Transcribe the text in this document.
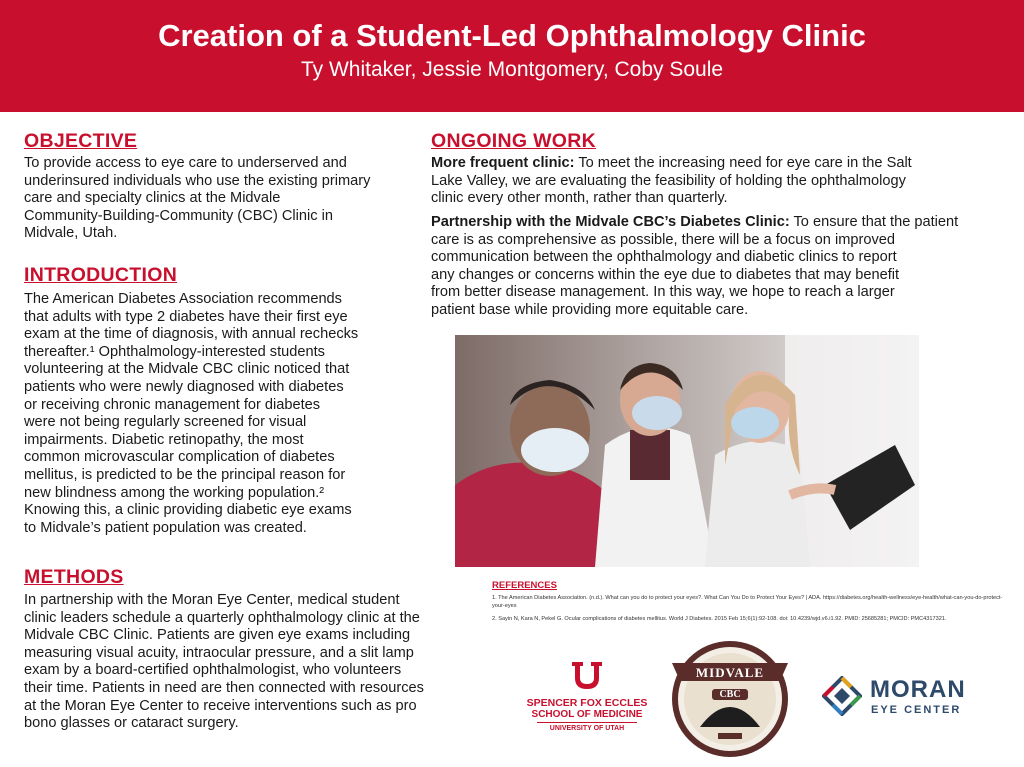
Creation of a Student-Led Ophthalmology Clinic
Ty Whitaker, Jessie Montgomery, Coby Soule
OBJECTIVE
To provide access to eye care to underserved and
underinsured individuals who use the existing primary
care and specialty clinics at the Midvale
Community-Building-Community (CBC) Clinic in
Midvale, Utah.
INTRODUCTION
The American Diabetes Association recommends
that adults with type 2 diabetes have their first eye
exam at the time of diagnosis, with annual rechecks
thereafter.¹ Ophthalmology-interested students
volunteering at the Midvale CBC clinic noticed that
patients who were newly diagnosed with diabetes
or receiving chronic management for diabetes
were not being regularly screened for visual
impairments. Diabetic retinopathy, the most
common microvascular complication of diabetes
mellitus, is predicted to be the principal reason for
new blindness among the working population.²
Knowing this, a clinic providing diabetic eye exams
to Midvale’s patient population was created.
METHODS
In partnership with the Moran Eye Center, medical student
clinic leaders schedule a quarterly ophthalmology clinic at the
Midvale CBC Clinic. Patients are given eye exams including
measuring visual acuity, intraocular pressure, and a slit lamp
exam by a board-certified ophthalmologist, who volunteers
their time. Patients in need are then connected with resources
at the Moran Eye Center to receive interventions such as pro
bono glasses or cataract surgery.
ONGOING WORK
More frequent clinic: To meet the increasing need for eye care in the Salt
Lake Valley, we are evaluating the feasibility of holding the ophthalmology
clinic every other month, rather than quarterly.
Partnership with the Midvale CBC’s Diabetes Clinic: To ensure that the patient
care is as comprehensive as possible, there will be a focus on improved
communication between the ophthalmology and diabetic clinics to report
any changes or concerns within the eye due to diabetes that may benefit
from better disease management. In this way, we hope to reach a larger
patient base while providing more equitable care.
REFERENCES

1. The American Diabetes Association. (n.d.). What can you do to protect your eyes?. What Can You Do to Protect Your Eyes? | ADA. https://diabetes.org/health-wellness/eye-health/what-can-you-do-protect-your-eyes

2. Sayin N, Kara N, Pekel G. Ocular complications of diabetes mellitus. World J Diabetes. 2015 Feb 15;6(1):92-108. doi: 10.4239/wjd.v6.i1.92. PMID: 25685281; PMCID: PMC4317321.

SPENCER FOX ECCLES
SCHOOL OF MEDICINE
UNIVERSITY OF UTAH
MIDVALE
CBC	MORAN
EYE CENTER
